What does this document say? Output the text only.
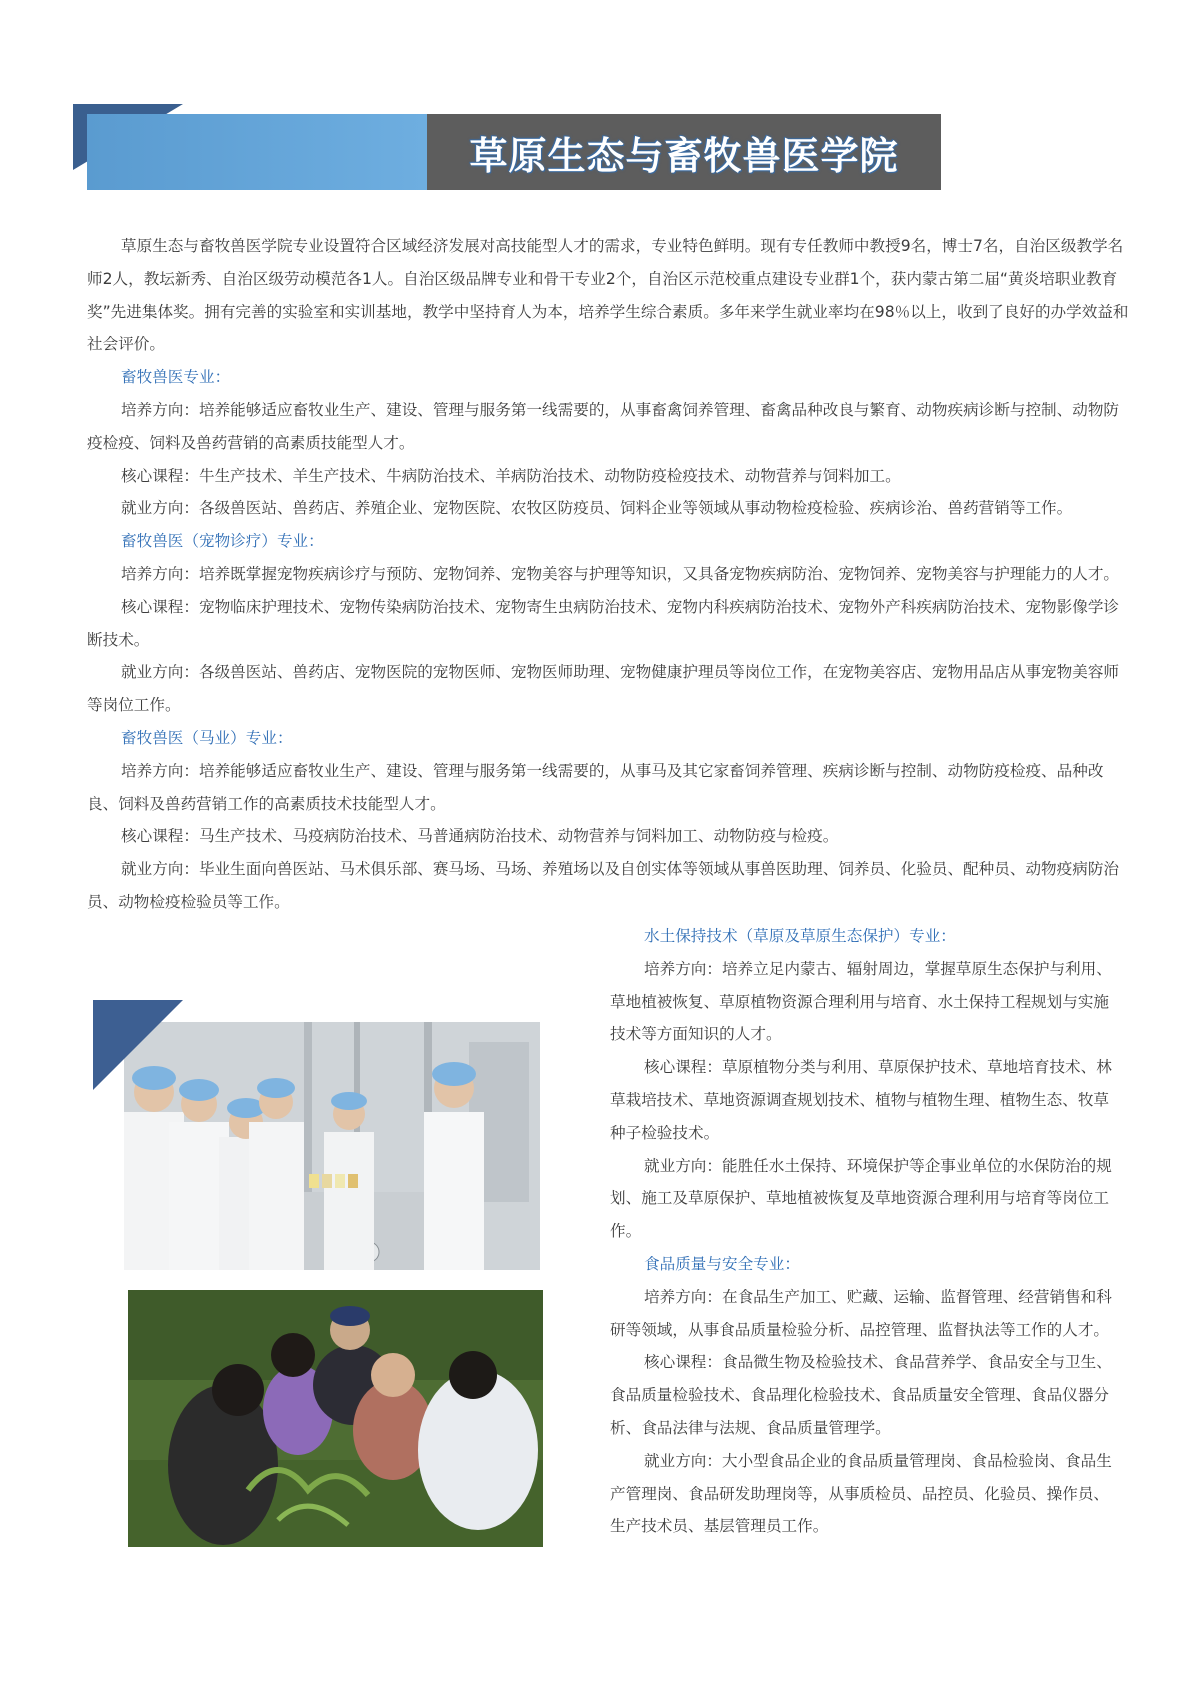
草原生态与畜牧兽医学院

草原生态与畜牧兽医学院专业设置符合区域经济发展对高技能型人才的需求，专业特色鲜明。现有专任教师中教授9名，博士7名，自治区级教学名师2人，教坛新秀、自治区级劳动模范各1人。自治区级品牌专业和骨干专业2个，自治区示范校重点建设专业群1个，获内蒙古第二届“黄炎培职业教育奖”先进集体奖。拥有完善的实验室和实训基地，教学中坚持育人为本，培养学生综合素质。多年来学生就业率均在98％以上，收到了良好的办学效益和社会评价。

畜牧兽医专业：

培养方向：培养能够适应畜牧业生产、建设、管理与服务第一线需要的，从事畜禽饲养管理、畜禽品种改良与繁育、动物疾病诊断与控制、动物防疫检疫、饲料及兽药营销的高素质技能型人才。

核心课程：牛生产技术、羊生产技术、牛病防治技术、羊病防治技术、动物防疫检疫技术、动物营养与饲料加工。

就业方向：各级兽医站、兽药店、养殖企业、宠物医院、农牧区防疫员、饲料企业等领域从事动物检疫检验、疾病诊治、兽药营销等工作。

畜牧兽医（宠物诊疗）专业：

培养方向：培养既掌握宠物疾病诊疗与预防、宠物饲养、宠物美容与护理等知识，又具备宠物疾病防治、宠物饲养、宠物美容与护理能力的人才。

核心课程：宠物临床护理技术、宠物传染病防治技术、宠物寄生虫病防治技术、宠物内科疾病防治技术、宠物外产科疾病防治技术、宠物影像学诊断技术。

就业方向：各级兽医站、兽药店、宠物医院的宠物医师、宠物医师助理、宠物健康护理员等岗位工作，在宠物美容店、宠物用品店从事宠物美容师等岗位工作。

畜牧兽医（马业）专业：

培养方向：培养能够适应畜牧业生产、建设、管理与服务第一线需要的，从事马及其它家畜饲养管理、疾病诊断与控制、动物防疫检疫、品种改良、饲料及兽药营销工作的高素质技术技能型人才。

核心课程：马生产技术、马疫病防治技术、马普通病防治技术、动物营养与饲料加工、动物防疫与检疫。

就业方向：毕业生面向兽医站、马术俱乐部、赛马场、马场、养殖场以及自创实体等领域从事兽医助理、饲养员、化验员、配种员、动物疫病防治员、动物检疫检验员等工作。

水土保持技术（草原及草原生态保护）专业：

培养方向：培养立足内蒙古、辐射周边，掌握草原生态保护与利用、草地植被恢复、草原植物资源合理利用与培育、水土保持工程规划与实施技术等方面知识的人才。

核心课程：草原植物分类与利用、草原保护技术、草地培育技术、林草栽培技术、草地资源调查规划技术、植物与植物生理、植物生态、牧草种子检验技术。

就业方向：能胜任水土保持、环境保护等企事业单位的水保防治的规划、施工及草原保护、草地植被恢复及草地资源合理利用与培育等岗位工作。

食品质量与安全专业：

培养方向：在食品生产加工、贮藏、运输、监督管理、经营销售和科研等领域，从事食品质量检验分析、品控管理、监督执法等工作的人才。

核心课程：食品微生物及检验技术、食品营养学、食品安全与卫生、食品质量检验技术、食品理化检验技术、食品质量安全管理、食品仪器分析、食品法律与法规、食品质量管理学。

就业方向：大小型食品企业的食品质量管理岗、食品检验岗、食品生产管理岗、食品研发助理岗等，从事质检员、品控员、化验员、操作员、生产技术员、基层管理员工作。
